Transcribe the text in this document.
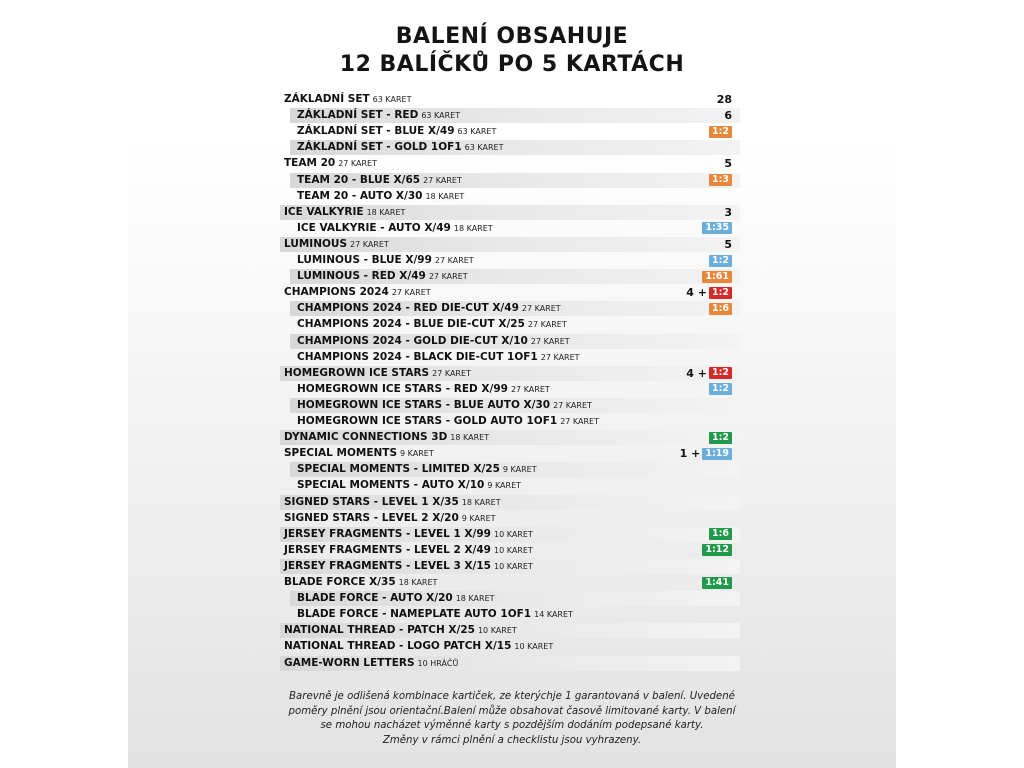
BALENÍ OBSAHUJE
12 BALÍČKŮ PO 5 KARTÁCH
ZÁKLADNÍ SET 63 KARET	28
ZÁKLADNÍ SET - RED 63 KARET	6
ZÁKLADNÍ SET - BLUE X/49 63 KARET	1:2
ZÁKLADNÍ SET - GOLD 1OF1 63 KARET
TEAM 20 27 KARET	5
TEAM 20 - BLUE X/65 27 KARET	1:3
TEAM 20 - AUTO X/30 18 KARET
ICE VALKYRIE 18 KARET	3
ICE VALKYRIE - AUTO X/49 18 KARET	1:35
LUMINOUS 27 KARET	5
LUMINOUS - BLUE X/99 27 KARET	1:2
LUMINOUS - RED X/49 27 KARET	1:61
CHAMPIONS 2024 27 KARET	4 + 1:2
CHAMPIONS 2024 - RED DIE-CUT X/49 27 KARET	1:6
CHAMPIONS 2024 - BLUE DIE-CUT X/25 27 KARET
CHAMPIONS 2024 - GOLD DIE-CUT X/10 27 KARET
CHAMPIONS 2024 - BLACK DIE-CUT 1OF1 27 KARET
HOMEGROWN ICE STARS 27 KARET	4 + 1:2
HOMEGROWN ICE STARS - RED X/99 27 KARET	1:2
HOMEGROWN ICE STARS - BLUE AUTO X/30 27 KARET
HOMEGROWN ICE STARS - GOLD AUTO 1OF1 27 KARET
DYNAMIC CONNECTIONS 3D 18 KARET	1:2
SPECIAL MOMENTS 9 KARET	1 + 1:19
SPECIAL MOMENTS - LIMITED X/25 9 KARET
SPECIAL MOMENTS - AUTO X/10 9 KARET
SIGNED STARS - LEVEL 1 X/35 18 KARET
SIGNED STARS - LEVEL 2 X/20 9 KARET
JERSEY FRAGMENTS - LEVEL 1 X/99 10 KARET	1:6
JERSEY FRAGMENTS - LEVEL 2 X/49 10 KARET	1:12
JERSEY FRAGMENTS - LEVEL 3 X/15 10 KARET
BLADE FORCE X/35 18 KARET	1:41
BLADE FORCE - AUTO X/20 18 KARET
BLADE FORCE - NAMEPLATE AUTO 1OF1 14 KARET
NATIONAL THREAD - PATCH X/25 10 KARET
NATIONAL THREAD - LOGO PATCH X/15 10 KARET
GAME-WORN LETTERS 10 HRÁČŮ
Barevně je odlišená kombinace kartiček, ze kterýchje 1 garantovaná v balení. Uvedené
poměry plnění jsou orientační.Balení může obsahovat časově limitované karty. V balení
se mohou nacházet výměnné karty s pozdějším dodáním podepsané karty.
Změny v rámci plnění a checklistu jsou vyhrazeny.
